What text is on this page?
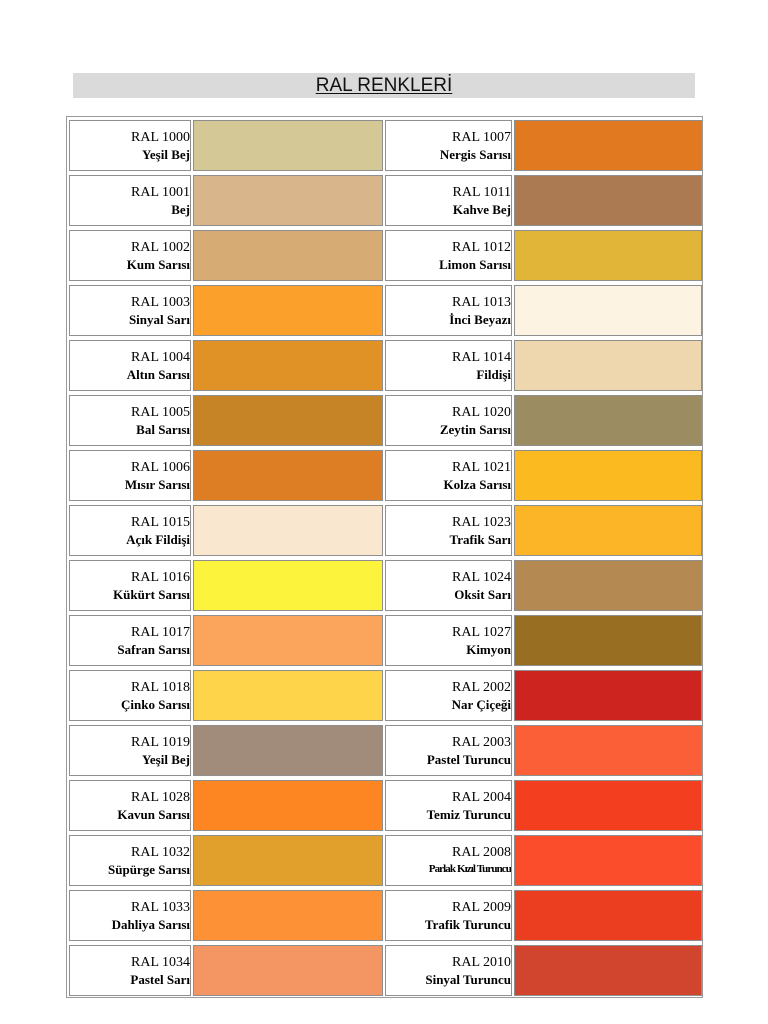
RAL RENKLERİ
RAL 1000
Yeşil Bej
RAL 1007
Nergis Sarısı
RAL 1001
Bej
RAL 1011
Kahve Bej
RAL 1002
Kum Sarısı
RAL 1012
Limon Sarısı
RAL 1003
Sinyal Sarı
RAL 1013
İnci Beyazı
RAL 1004
Altın Sarısı
RAL 1014
Fildişi
RAL 1005
Bal Sarısı
RAL 1020
Zeytin Sarısı
RAL 1006
Mısır Sarısı
RAL 1021
Kolza Sarısı
RAL 1015
Açık Fildişi
RAL 1023
Trafik Sarı
RAL 1016
Kükürt Sarısı
RAL 1024
Oksit Sarı
RAL 1017
Safran Sarısı
RAL 1027
Kimyon
RAL 1018
Çinko Sarısı
RAL 2002
Nar Çiçeği
RAL 1019
Yeşil Bej
RAL 2003
Pastel Turuncu
RAL 1028
Kavun Sarısı
RAL 2004
Temiz Turuncu
RAL 1032
Süpürge Sarısı
RAL 2008
Parlak Kızıl Turuncu
RAL 1033
Dahliya Sarısı
RAL 2009
Trafik Turuncu
RAL 1034
Pastel Sarı
RAL 2010
Sinyal Turuncu
